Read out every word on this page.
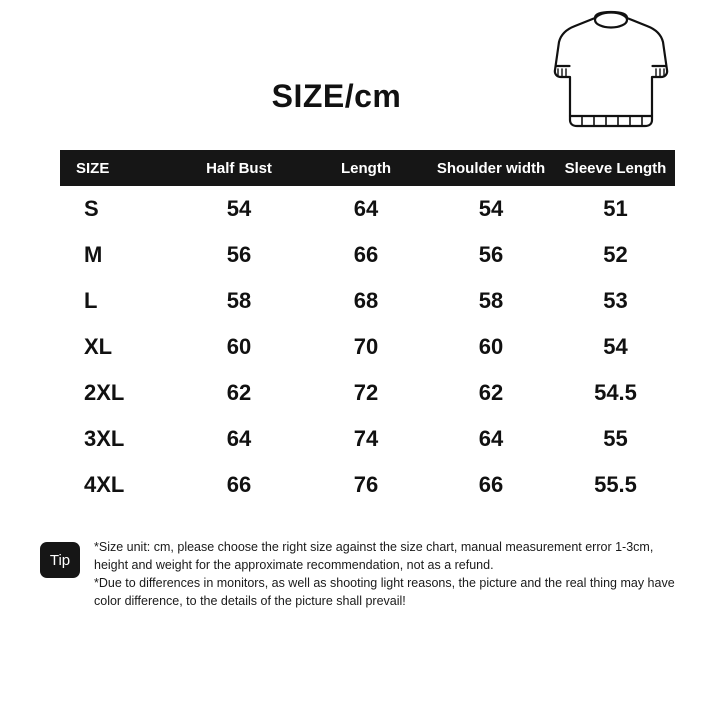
SIZE/cm
SIZE	Half Bust	Length	Shoulder width	Sleeve Length
S	54	64	54	51
M	56	66	56	52
L	58	68	58	53
XL	60	70	60	54
2XL	62	72	62	54.5
3XL	64	74	64	55
4XL	66	76	66	55.5
Tip

*Size unit: cm, please choose the right size against the size chart, manual measurement error 1-3cm, height and weight for the approximate recommendation, not as a refund.

*Due to differences in monitors, as well as shooting light reasons, the picture and the real thing may have color difference, to the details of the picture shall prevail!
